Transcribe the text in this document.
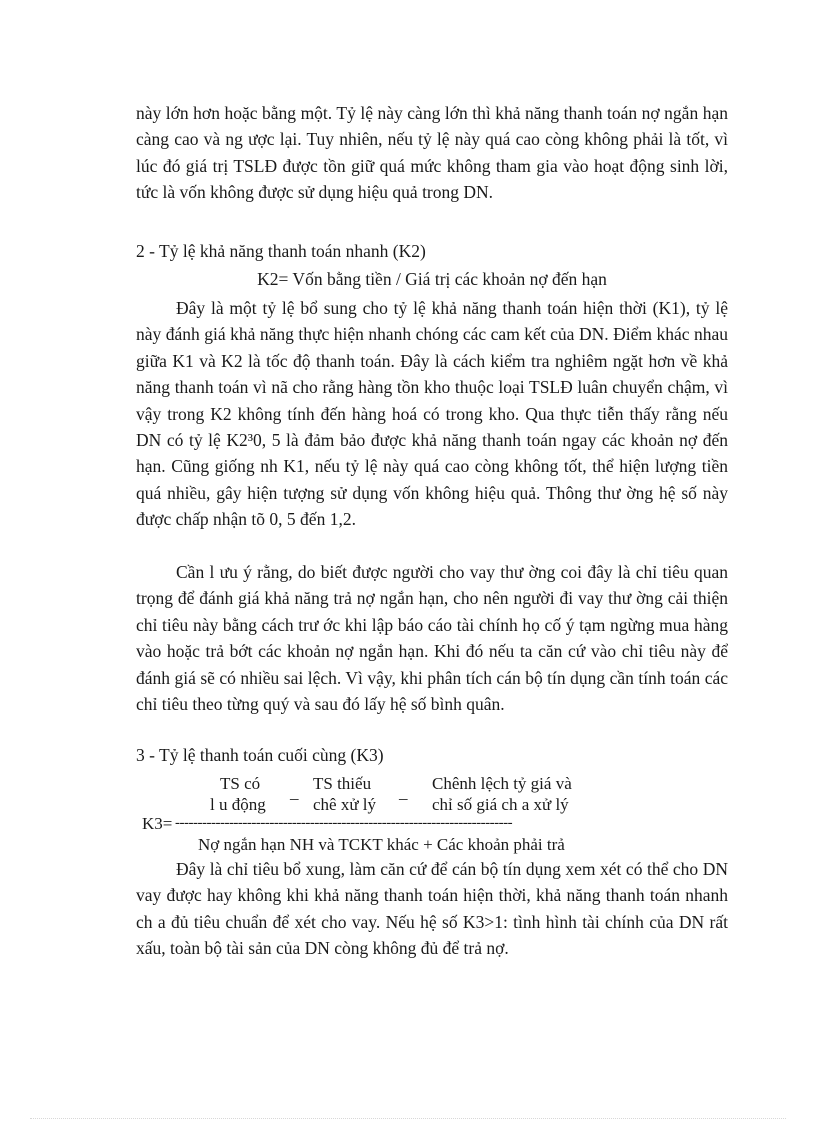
này lớn hơn hoặc bằng một. Tỷ lệ này càng lớn thì khả năng thanh toán nợ ngắn hạn càng cao và ng ược lại. Tuy nhiên, nếu tỷ lệ này quá cao còng không phải là tốt, vì lúc đó giá trị TSLĐ được tồn giữ quá mức không tham gia vào hoạt động sinh lời, tức là vốn không được sử dụng hiệu quả trong DN.

2 - Tỷ lệ khả năng thanh toán nhanh (K2)

K2= Vốn bằng tiền / Giá trị các khoản nợ đến hạn

Đây là một tỷ lệ bổ sung cho tỷ lệ khả năng thanh toán hiện thời (K1), tỷ lệ này đánh giá khả năng thực hiện nhanh chóng các cam kết của DN. Điểm khác nhau giữa K1 và K2 là tốc độ thanh toán. Đây là cách kiểm tra nghiêm ngặt hơn về khả năng thanh toán vì nã cho rằng hàng tồn kho thuộc loại TSLĐ luân chuyển chậm, vì vậy trong K2 không tính đến hàng hoá có trong kho. Qua thực tiễn thấy rằng nếu DN có tỷ lệ K2³0, 5 là đảm bảo được khả năng thanh toán ngay các khoản nợ đến hạn. Cũng giống nh K1, nếu tỷ lệ này quá cao còng không tốt, thể hiện lượng tiền quá nhiều, gây hiện tượng sử dụng vốn không hiệu quả. Thông thư ờng hệ số này được chấp nhận tõ 0, 5 đến 1,2.

Cần l ưu ý rằng, do biết được người cho vay thư ờng coi đây là chỉ tiêu quan trọng để đánh giá khả năng trả nợ ngắn hạn, cho nên người đi vay thư ờng cải thiện chỉ tiêu này bằng cách trư ớc khi lập báo cáo tài chính họ cố ý tạm ngừng mua hàng vào hoặc trả bớt các khoản nợ ngắn hạn. Khi đó nếu ta căn cứ vào chỉ tiêu này để đánh giá sẽ có nhiều sai lệch. Vì vậy, khi phân tích cán bộ tín dụng cần tính toán các chỉ tiêu theo từng quý và sau đó lấy hệ số bình quân.

3 - Tỷ lệ thanh toán cuối cùng (K3)

TS có
l u động
_ TS thiếu
chê xử lý
_ Chênh lệch tỷ giá và
chỉ số giá ch a xử lý
K3= ---------------------------------------------------------------------------
Nợ ngắn hạn NH và TCKT khác + Các khoản phải trả

Đây là chỉ tiêu bổ xung, làm căn cứ để cán bộ tín dụng xem xét có thể cho DN vay được hay không khi khả năng thanh toán hiện thời, khả năng thanh toán nhanh ch a đủ tiêu chuẩn để xét cho vay. Nếu hệ số K3>1: tình hình tài chính của DN rất xấu, toàn bộ tài sản của DN còng không đủ để trả nợ.
